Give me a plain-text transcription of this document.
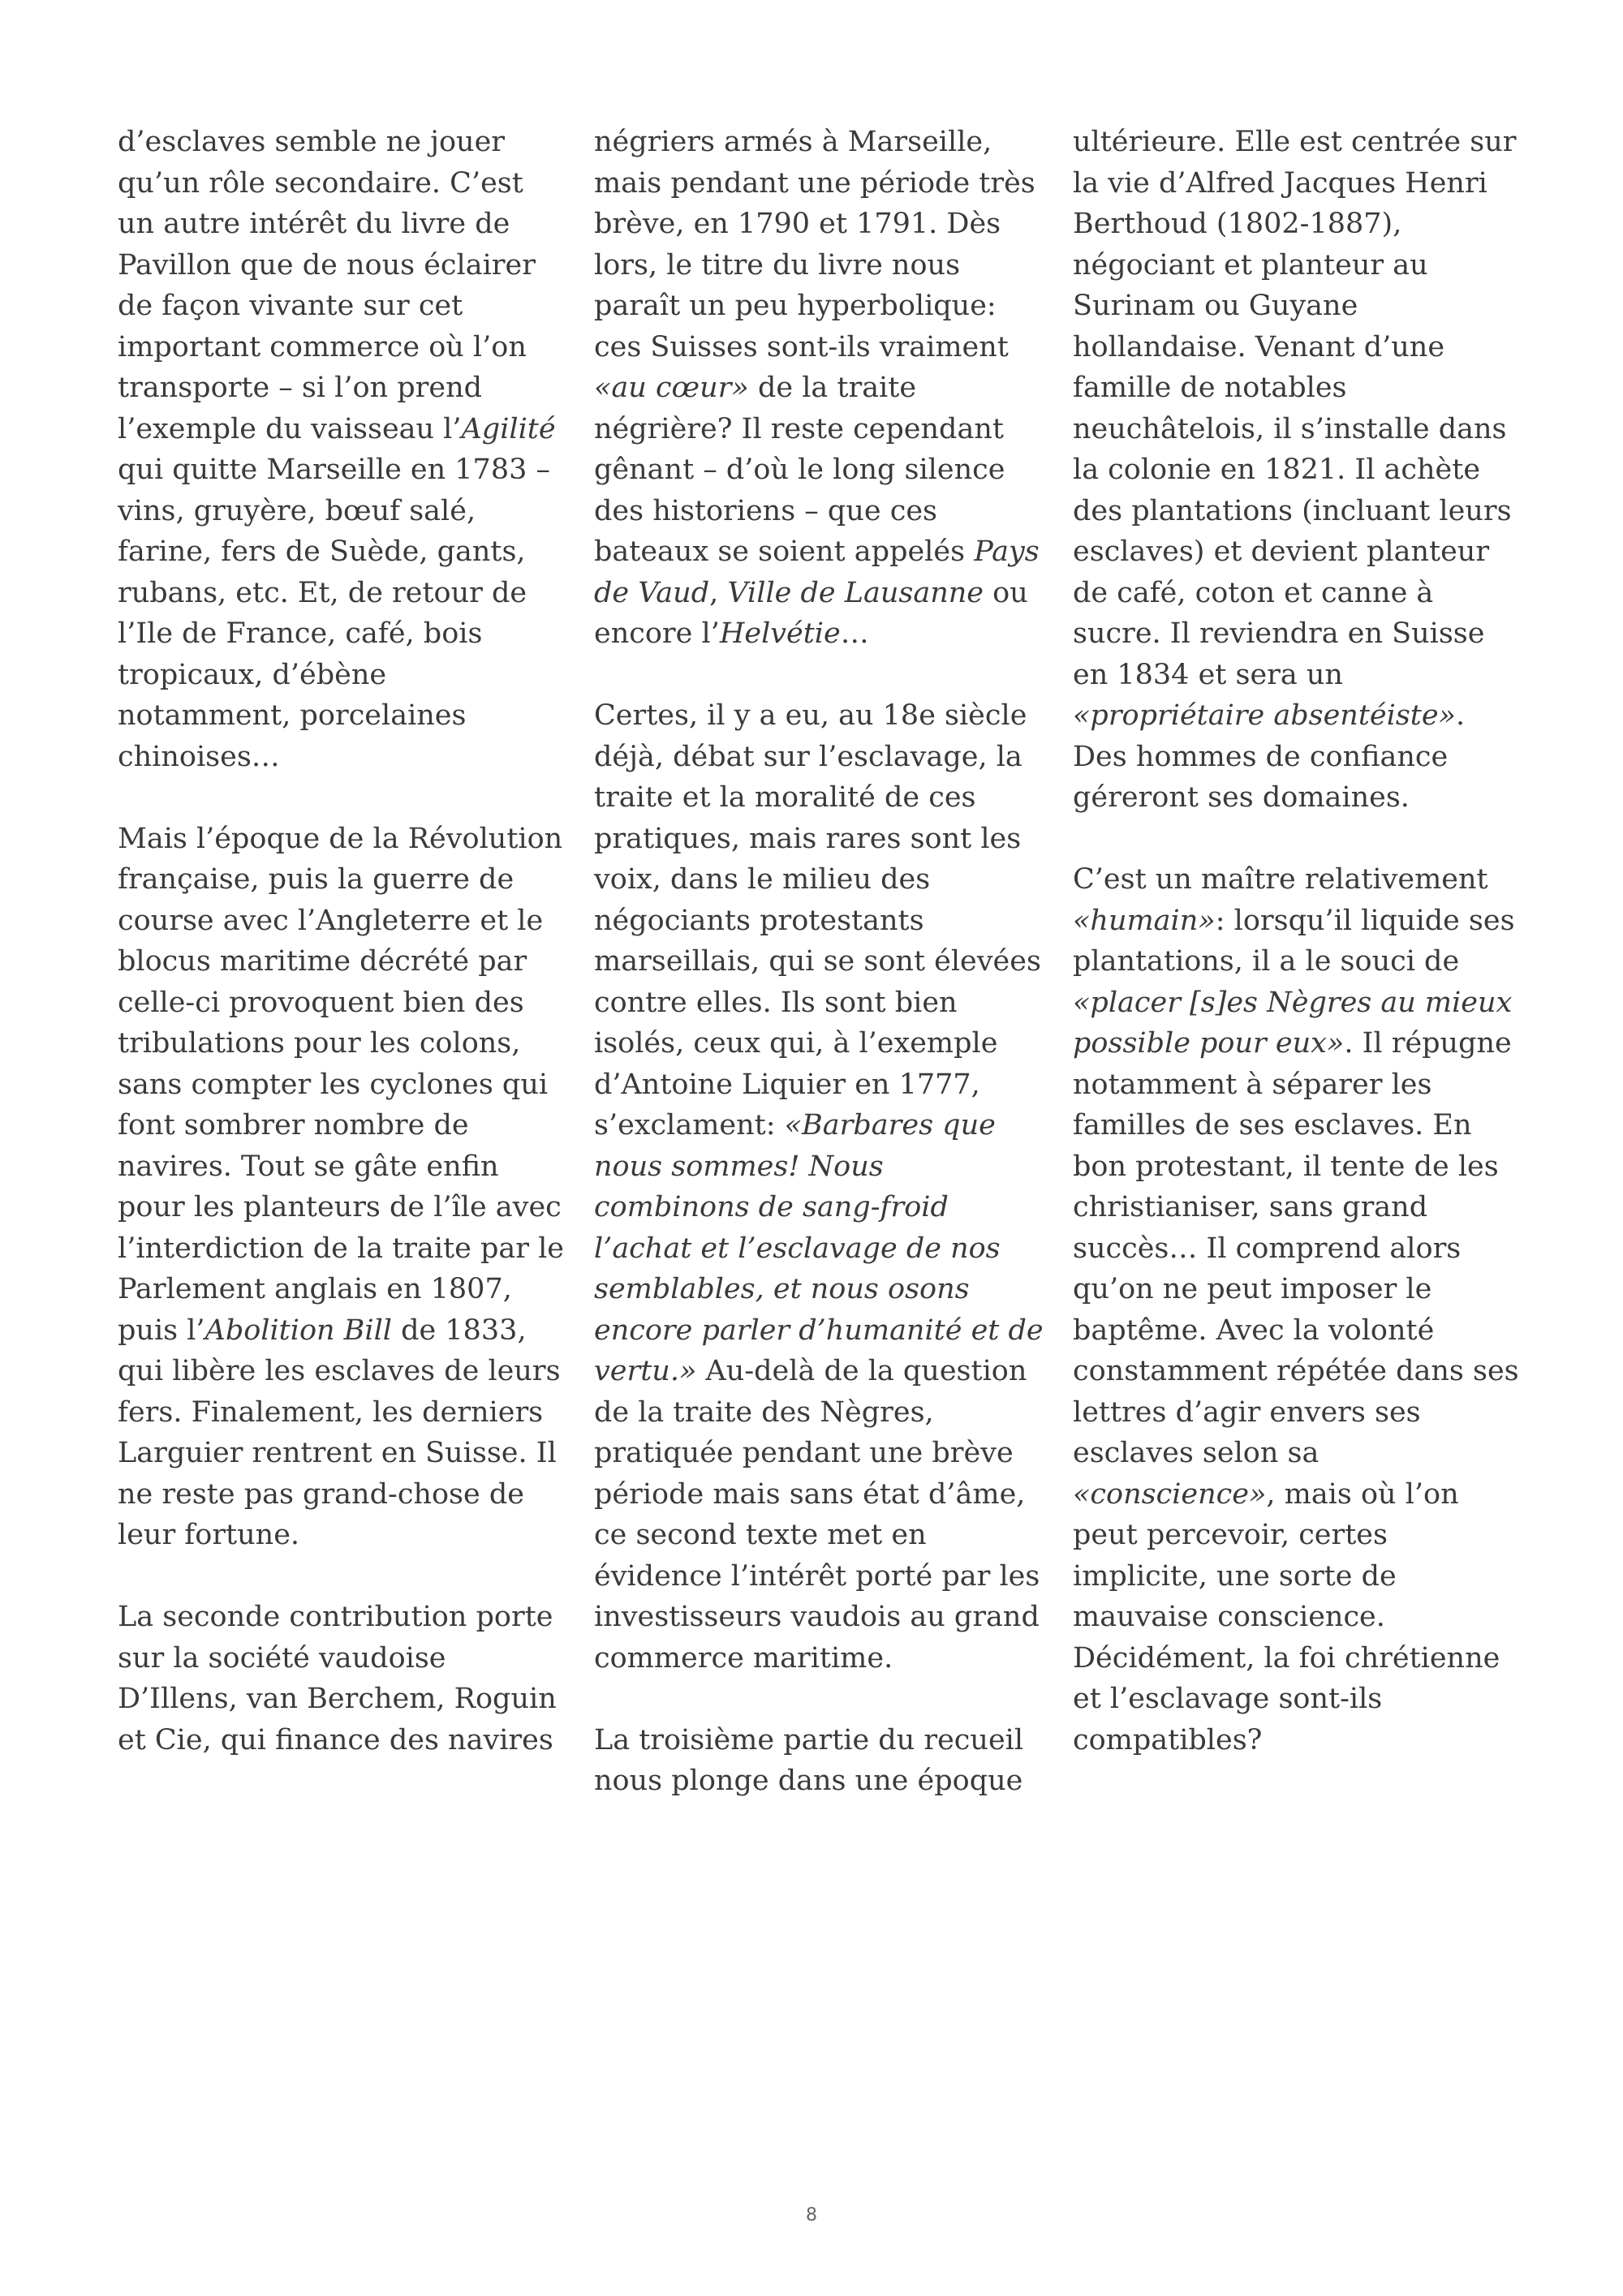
d’esclaves semble ne jouer qu’un rôle secondaire. C’est un autre intérêt du livre de Pavillon que de nous éclairer de façon vivante sur cet important commerce où l’on transporte – si l’on prend l’exemple du vaisseau l’Agilité qui quitte Marseille en 1783 – vins, gruyère, bœuf salé, farine, fers de Suède, gants, rubans, etc. Et, de retour de l’Ile de France, café, bois tropicaux, d’ébène notamment, porcelaines chinoises…

Mais l’époque de la Révolution française, puis la guerre de course avec l’Angleterre et le blocus maritime décrété par celle-ci provoquent bien des tribulations pour les colons, sans compter les cyclones qui font sombrer nombre de navires. Tout se gâte enfin pour les planteurs de l’île avec l’interdiction de la traite par le Parlement anglais en 1807, puis l’Abolition Bill de 1833, qui libère les esclaves de leurs fers. Finalement, les derniers Larguier rentrent en Suisse. Il ne reste pas grand-chose de leur fortune.

La seconde contribution porte sur la société vaudoise D’Illens, van Berchem, Roguin et Cie, qui finance des navires

négriers armés à Marseille, mais pendant une période très brève, en 1790 et 1791. Dès lors, le titre du livre nous paraît un peu hyperbolique: ces Suisses sont-ils vraiment «au cœur» de la traite négrière? Il reste cependant gênant – d’où le long silence des historiens – que ces bateaux se soient appelés Pays de Vaud, Ville de Lausanne ou encore l’Helvétie…

Certes, il y a eu, au 18e siècle déjà, débat sur l’esclavage, la traite et la moralité de ces pratiques, mais rares sont les voix, dans le milieu des négociants protestants marseillais, qui se sont élevées contre elles. Ils sont bien isolés, ceux qui, à l’exemple d’Antoine Liquier en 1777, s’exclament: «Barbares que nous sommes! Nous combinons de sang-froid l’achat et l’esclavage de nos semblables, et nous osons encore parler d’humanité et de vertu.» Au-delà de la question de la traite des Nègres, pratiquée pendant une brève période mais sans état d’âme, ce second texte met en évidence l’intérêt porté par les investisseurs vaudois au grand commerce maritime.

La troisième partie du recueil nous plonge dans une époque

ultérieure. Elle est centrée sur la vie d’Alfred Jacques Henri Berthoud (1802-1887), négociant et planteur au Surinam ou Guyane hollandaise. Venant d’une famille de notables neuchâtelois, il s’installe dans la colonie en 1821. Il achète des plantations (incluant leurs esclaves) et devient planteur de café, coton et canne à sucre. Il reviendra en Suisse en 1834 et sera un «propriétaire absentéiste». Des hommes de confiance géreront ses domaines.

C’est un maître relativement «humain»: lorsqu’il liquide ses plantations, il a le souci de «placer [s]es Nègres au mieux possible pour eux». Il répugne notamment à séparer les familles de ses esclaves. En bon protestant, il tente de les christianiser, sans grand succès… Il comprend alors qu’on ne peut imposer le baptême. Avec la volonté constamment répétée dans ses lettres d’agir envers ses esclaves selon sa «conscience», mais où l’on peut percevoir, certes implicite, une sorte de mauvaise conscience. Décidément, la foi chrétienne et l’esclavage sont-ils compatibles?

8
